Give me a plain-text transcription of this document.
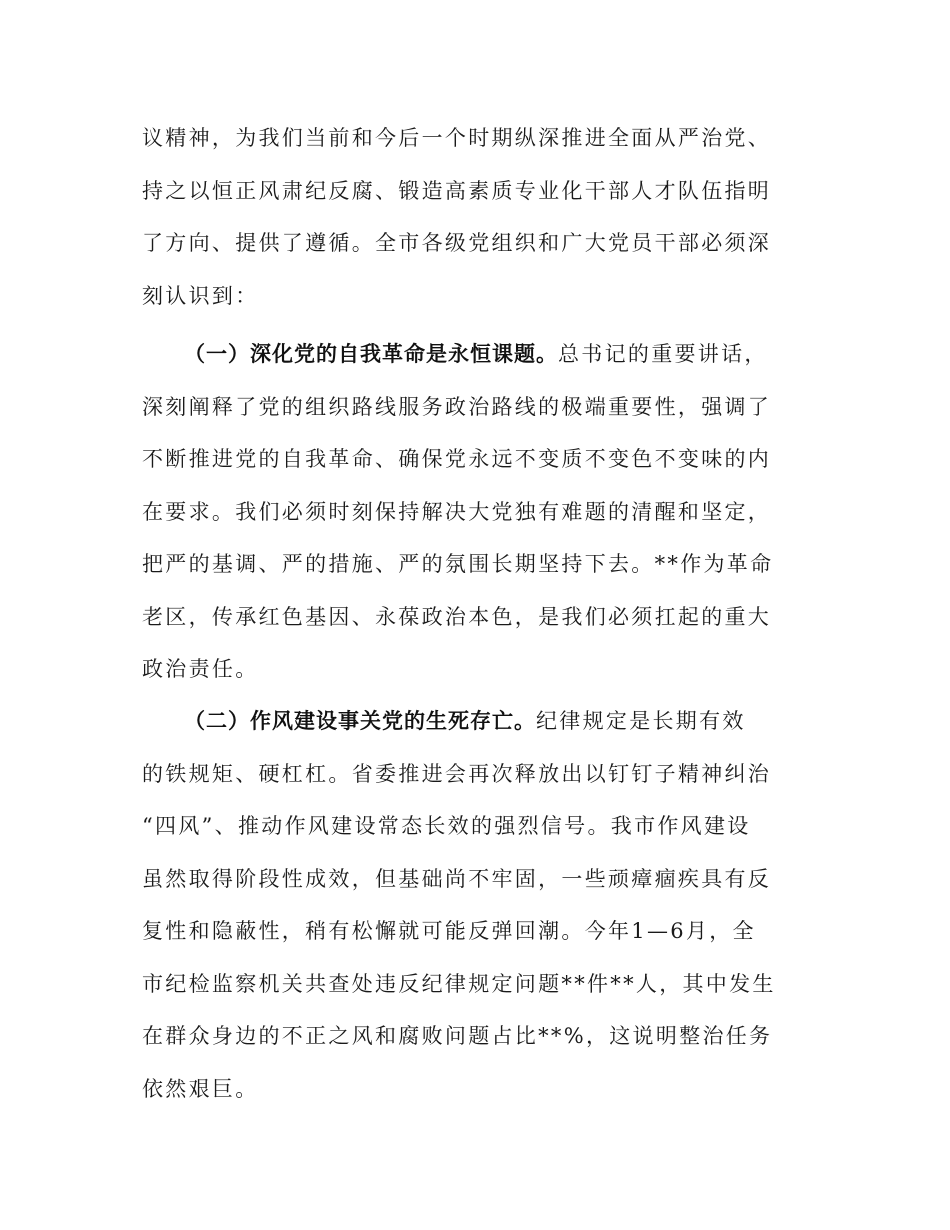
议精神，为我们当前和今后一个时期纵深推进全面从严治党、
持之以恒正风肃纪反腐、锻造高素质专业化干部人才队伍指明
了方向、提供了遵循。全市各级党组织和广大党员干部必须深
刻认识到：
（一）深化党的自我革命是永恒课题。总书记的重要讲话，
深刻阐释了党的组织路线服务政治路线的极端重要性，强调了
不断推进党的自我革命、确保党永远不变质不变色不变味的内
在要求。我们必须时刻保持解决大党独有难题的清醒和坚定，
把严的基调、严的措施、严的氛围长期坚持下去。**作为革命
老区，传承红色基因、永葆政治本色，是我们必须扛起的重大
政治责任。
（二）作风建设事关党的生死存亡。纪律规定是长期有效
的铁规矩、硬杠杠。省委推进会再次释放出以钉钉子精神纠治
“四风”、推动作风建设常态长效的强烈信号。我市作风建设
虽然取得阶段性成效，但基础尚不牢固，一些顽瘴痼疾具有反
复性和隐蔽性，稍有松懈就可能反弹回潮。今年1—6月，全
市纪检监察机关共查处违反纪律规定问题**件**人，其中发生
在群众身边的不正之风和腐败问题占比**%，这说明整治任务
依然艰巨。
